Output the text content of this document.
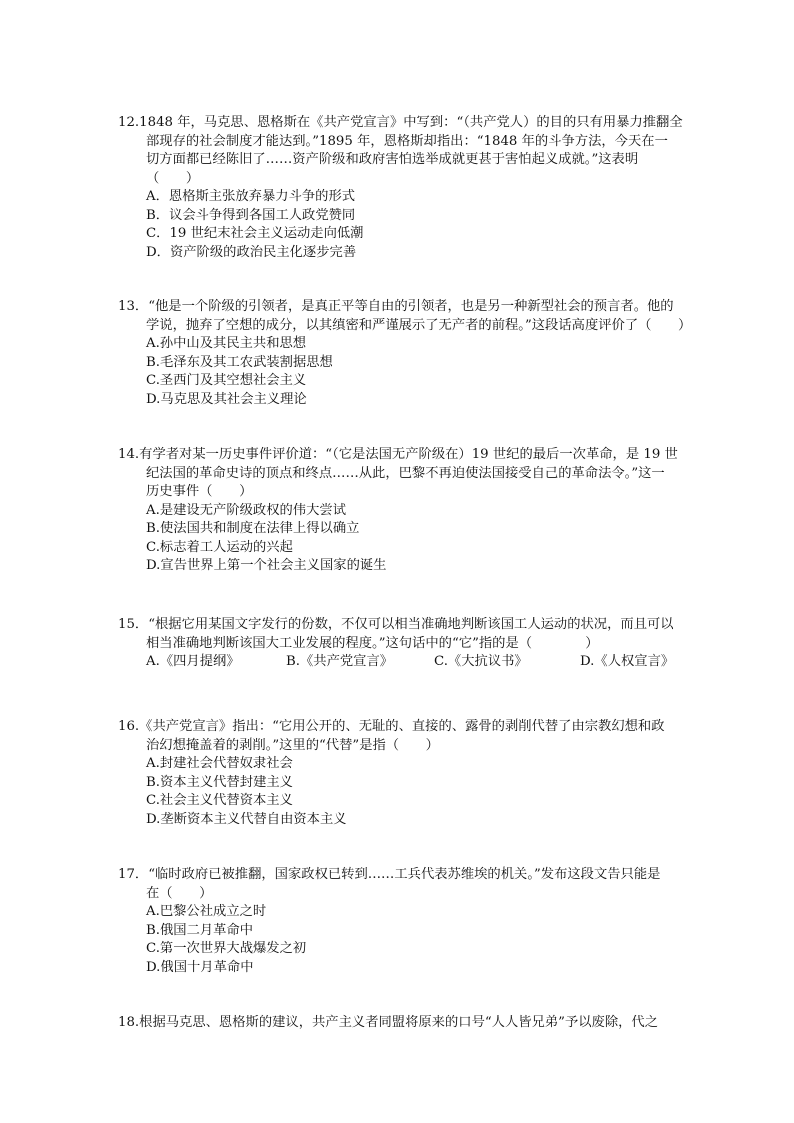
12.1848 年，马克思、恩格斯在《共产党宣言》中写到：“（共产党人）的目的只有用暴力推翻全
部现存的社会制度才能达到。”1895 年，恩格斯却指出：“1848 年的斗争方法，今天在一
切方面都已经陈旧了……资产阶级和政府害怕选举成就更甚于害怕起义成就。”这表明
（　　）
A．恩格斯主张放弃暴力斗争的形式
B．议会斗争得到各国工人政党赞同
C．19 世纪末社会主义运动走向低潮
D．资产阶级的政治民主化逐步完善
13．“他是一个阶级的引领者，是真正平等自由的引领者，也是另一种新型社会的预言者。他的
学说，抛弃了空想的成分，以其缜密和严谨展示了无产者的前程。”这段话高度评价了（　　）
A.孙中山及其民主共和思想
B.毛泽东及其工农武装割据思想
C.圣西门及其空想社会主义
D.马克思及其社会主义理论
14.有学者对某一历史事件评价道：“（它是法国无产阶级在）19 世纪的最后一次革命，是 19 世
纪法国的革命史诗的顶点和终点……从此，巴黎不再迫使法国接受自己的革命法令。”这一
历史事件（　　）
A.是建设无产阶级政权的伟大尝试
B.使法国共和制度在法律上得以确立
C.标志着工人运动的兴起
D.宣告世界上第一个社会主义国家的诞生
15．“根据它用某国文字发行的份数，不仅可以相当准确地判断该国工人运动的状况，而且可以
相当准确地判断该国大工业发展的程度。”这句话中的“它”指的是（　　　　）
A.《四月提纲》	B.《共产党宣言》	C.《大抗议书》	D.《人权宣言》
16.《共产党宣言》指出：“它用公开的、无耻的、直接的、露骨的剥削代替了由宗教幻想和政
治幻想掩盖着的剥削。”这里的“代替”是指（　　）
A.封建社会代替奴隶社会
B.资本主义代替封建主义
C.社会主义代替资本主义
D.垄断资本主义代替自由资本主义
17．“临时政府已被推翻，国家政权已转到……工兵代表苏维埃的机关。”发布这段文告只能是
在（　　）
A.巴黎公社成立之时
B.俄国二月革命中
C.第一次世界大战爆发之初
D.俄国十月革命中
18.根据马克思、恩格斯的建议，共产主义者同盟将原来的口号“人人皆兄弟”予以废除，代之
